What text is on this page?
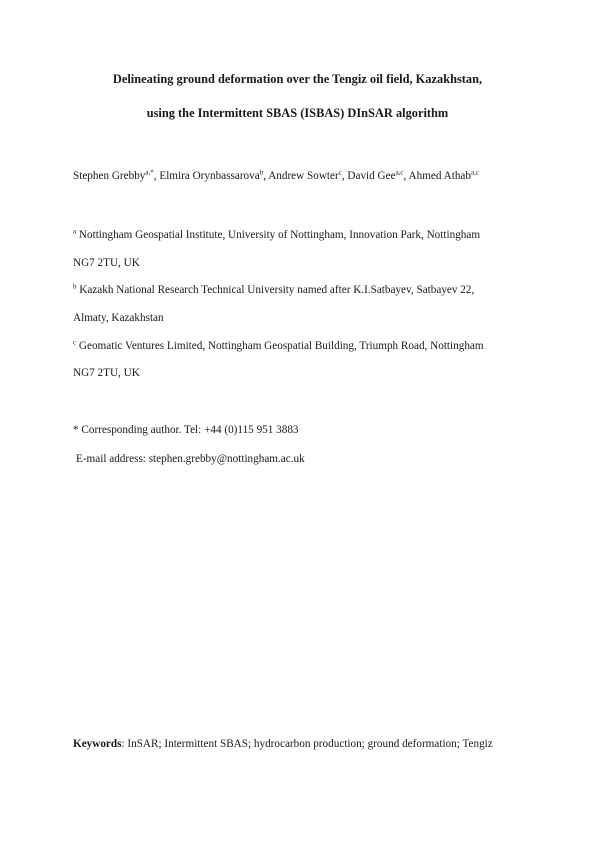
Delineating ground deformation over the Tengiz oil field, Kazakhstan,
using the Intermittent SBAS (ISBAS) DInSAR algorithm
Stephen Grebby$^{a,*}$, Elmira Orynbassarova$^b$, Andrew Sowter$^c$, David Gee$^{a,c}$, Ahmed Athab$^{a,c}$
$^a$ Nottingham Geospatial Institute, University of Nottingham, Innovation Park, Nottingham
NG7 2TU, UK
$^b$ Kazakh National Research Technical University named after K.I.Satbayev, Satbayev 22,
Almaty, Kazakhstan
$^c$ Geomatic Ventures Limited, Nottingham Geospatial Building, Triumph Road, Nottingham
NG7 2TU, UK
* Corresponding author. Tel: +44 (0)115 951 3883
E-mail address: stephen.grebby@nottingham.ac.uk
Keywords: InSAR; Intermittent SBAS; hydrocarbon production; ground deformation; Tengiz
